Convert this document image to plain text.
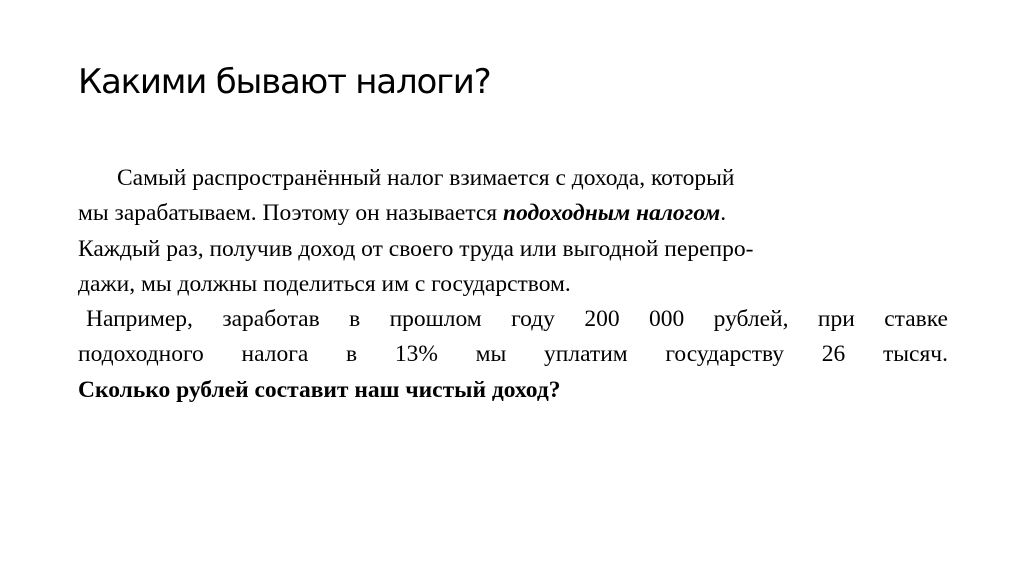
Какими бывают налоги?
Самый распространённый налог взимается с дохода, который
мы зарабатываем. Поэтому он называется подоходным налогом.
Каждый раз, получив доход от своего труда или выгодной перепро-
дажи, мы должны поделиться им с государством.
Например, заработав в прошлом году 200 000 рублей, при ставке
подоходного налога в 13% мы уплатим государству 26 тысяч.
Сколько рублей составит наш чистый доход?
